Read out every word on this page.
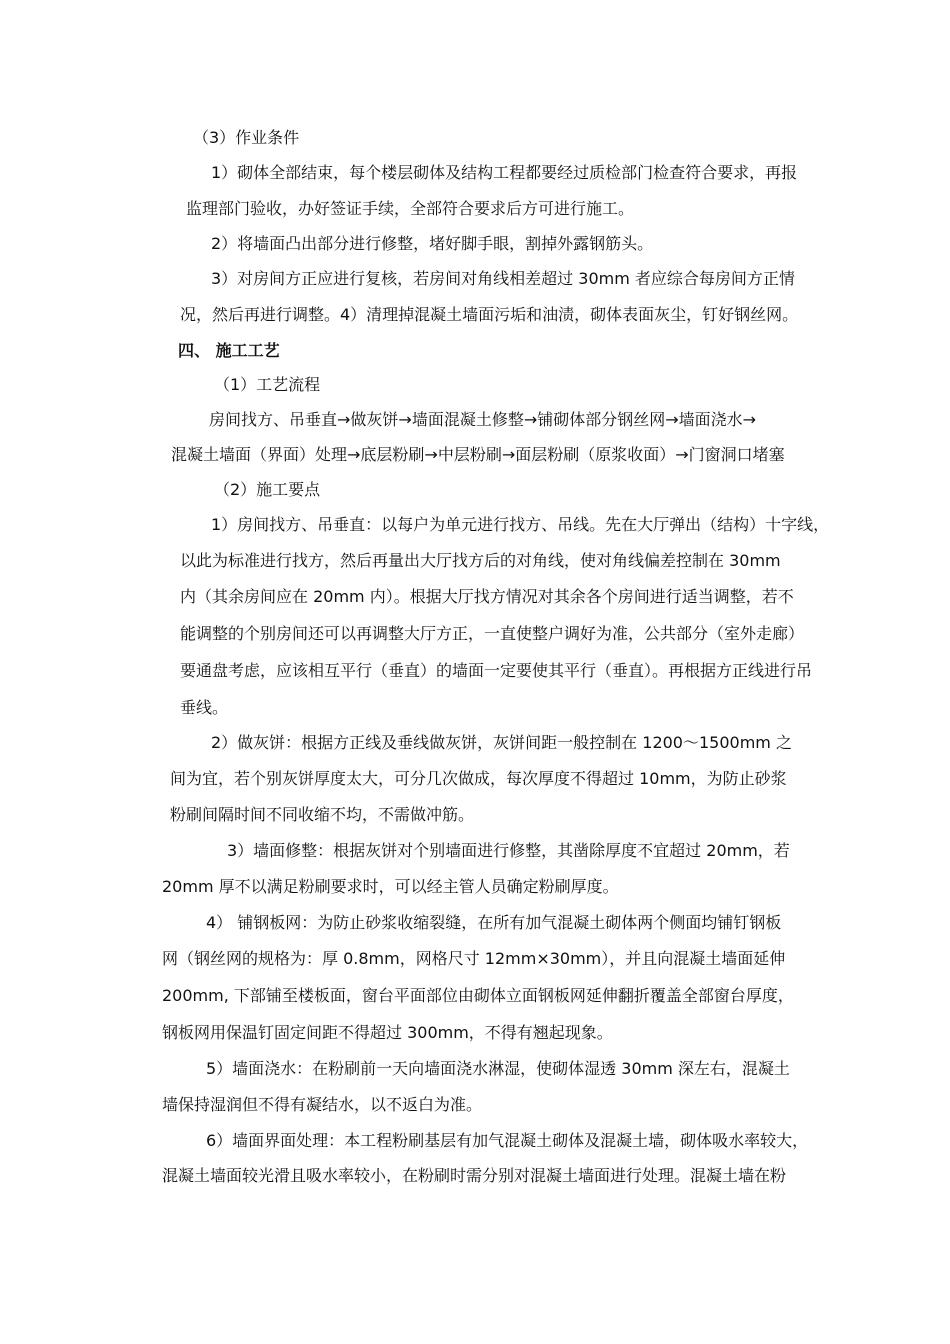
（3）作业条件

1）砌体全部结束，每个楼层砌体及结构工程都要经过质检部门检查符合要求，再报

监理部门验收，办好签证手续，全部符合要求后方可进行施工。

2）将墙面凸出部分进行修整，堵好脚手眼，割掉外露钢筋头。

3）对房间方正应进行复核，若房间对角线相差超过 30mm 者应综合每房间方正情

况，然后再进行调整。4）清理掉混凝土墙面污垢和油渍，砌体表面灰尘，钉好钢丝网。

四、 施工工艺

（1）工艺流程

房间找方、吊垂直→做灰饼→墙面混凝土修整→铺砌体部分钢丝网→墙面浇水→

混凝土墙面（界面）处理→底层粉刷→中层粉刷→面层粉刷（原浆收面）→门窗洞口堵塞

（2）施工要点

1）房间找方、吊垂直：以每户为单元进行找方、吊线。先在大厅弹出（结构）十字线，

以此为标准进行找方，然后再量出大厅找方后的对角线，使对角线偏差控制在 30mm

内（其余房间应在 20mm 内）。根据大厅找方情况对其余各个房间进行适当调整，若不

能调整的个别房间还可以再调整大厅方正，一直使整户调好为准，公共部分（室外走廊）

要通盘考虑，应该相互平行（垂直）的墙面一定要使其平行（垂直）。再根据方正线进行吊

垂线。

2）做灰饼：根据方正线及垂线做灰饼，灰饼间距一般控制在 1200～1500mm 之

间为宜，若个别灰饼厚度太大，可分几次做成，每次厚度不得超过 10mm，为防止砂浆

粉刷间隔时间不同收缩不均，不需做冲筋。

3）墙面修整：根据灰饼对个别墙面进行修整，其凿除厚度不宜超过 20mm，若

20mm 厚不以满足粉刷要求时，可以经主管人员确定粉刷厚度。

4） 铺钢板网：为防止砂浆收缩裂缝，在所有加气混凝土砌体两个侧面均铺钉钢板

网（钢丝网的规格为：厚 0.8mm，网格尺寸 12mm×30mm），并且向混凝土墙面延伸

200mm, 下部铺至楼板面，窗台平面部位由砌体立面钢板网延伸翻折覆盖全部窗台厚度，

钢板网用保温钉固定间距不得超过 300mm，不得有翘起现象。

5）墙面浇水：在粉刷前一天向墙面浇水淋湿，使砌体湿透 30mm 深左右，混凝土

墙保持湿润但不得有凝结水，以不返白为准。

6）墙面界面处理：本工程粉刷基层有加气混凝土砌体及混凝土墙，砌体吸水率较大，

混凝土墙面较光滑且吸水率较小，在粉刷时需分别对混凝土墙面进行处理。混凝土墙在粉
